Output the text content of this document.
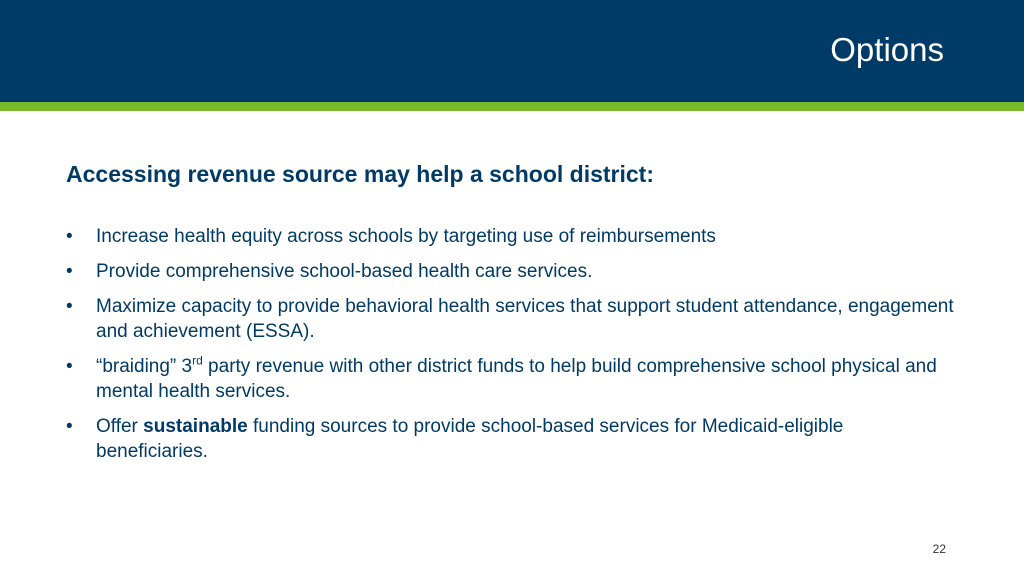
Options
Accessing revenue source may help a school district:
• Increase health equity across schools by targeting use of reimbursements
• Provide comprehensive school-based health care services.
• Maximize capacity to provide behavioral health services that support student attendance, engagement and achievement (ESSA).
• “braiding” 3rd party revenue with other district funds to help build comprehensive school physical and mental health services.
• Offer sustainable funding sources to provide school-based services for Medicaid-eligible beneficiaries.
22
